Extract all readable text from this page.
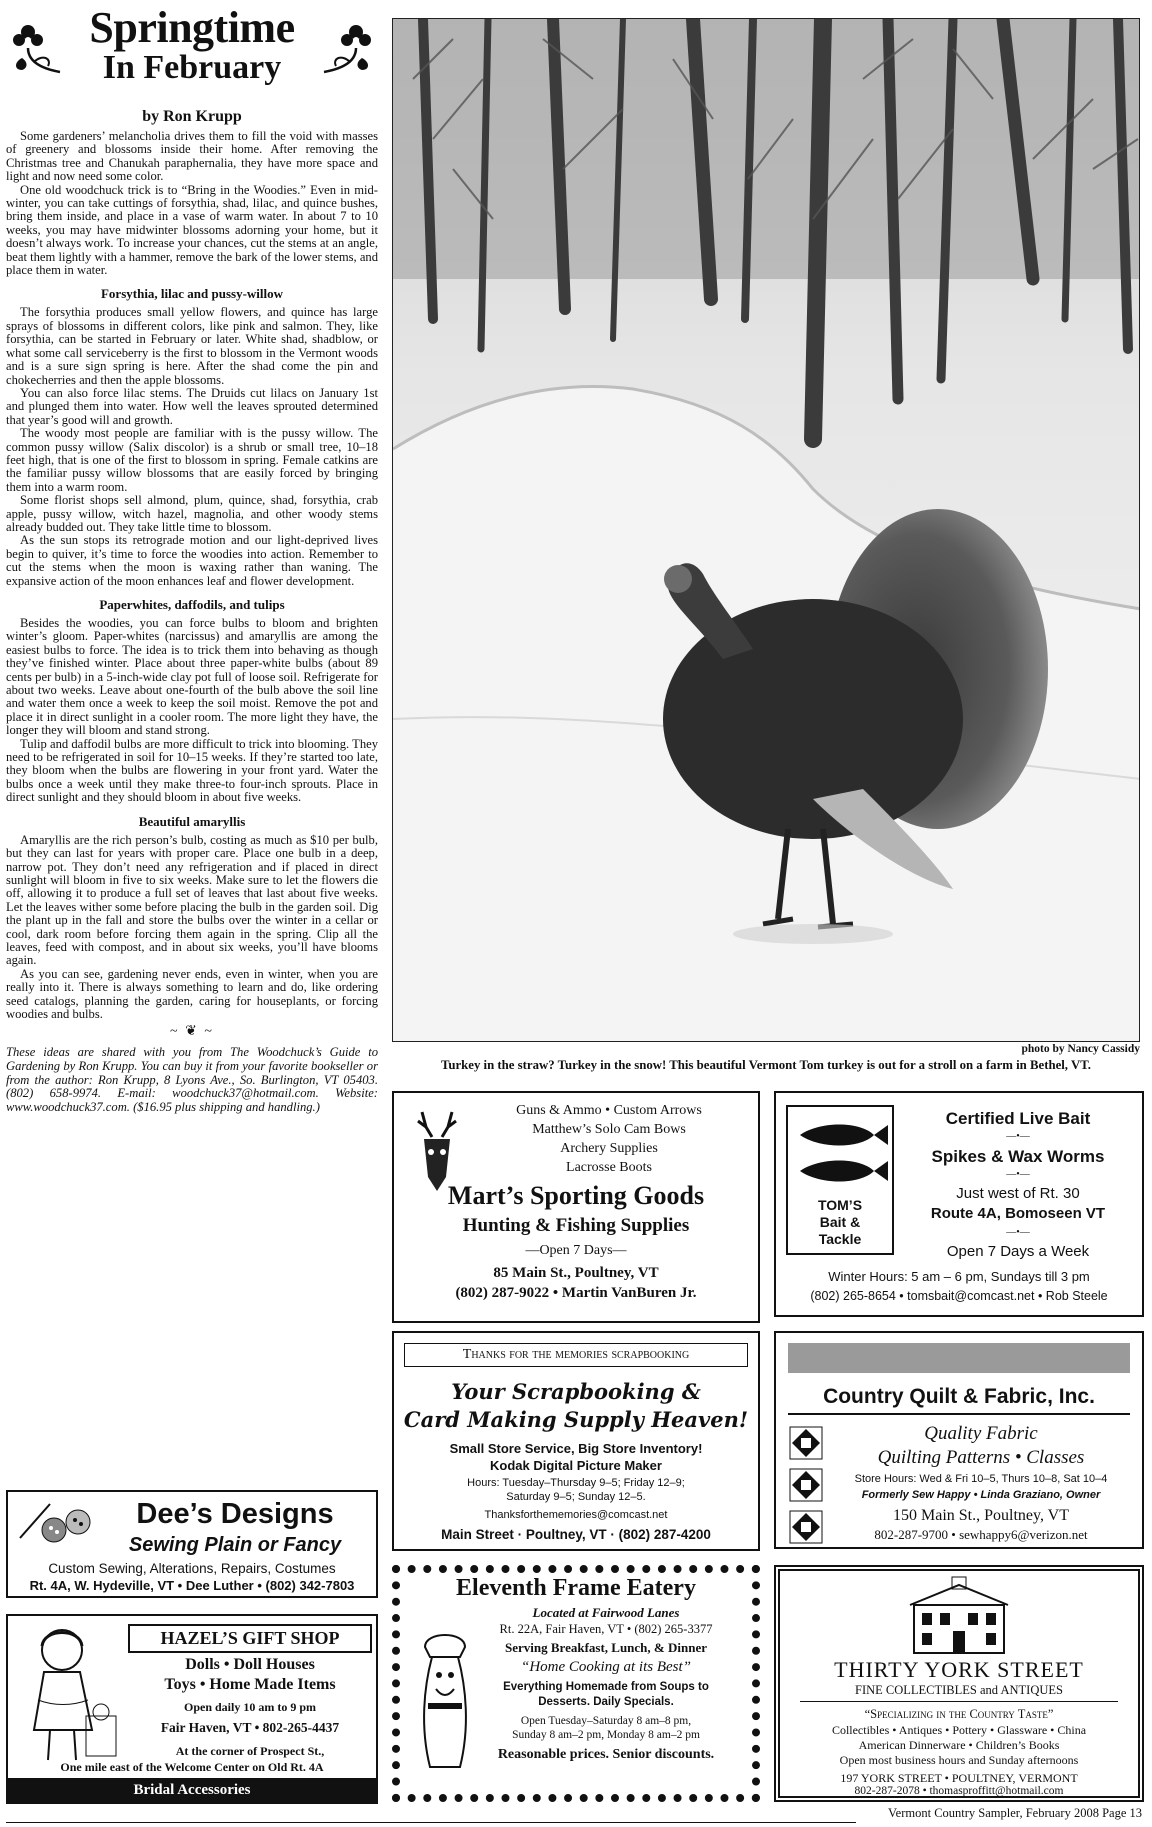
Springtime
In February
by Ron Krupp

Some gardeners’ melancholia drives them to fill the void with masses of greenery and blossoms inside their home. After removing the Christmas tree and Chanukah paraphernalia, they have more space and light and now need some color.

One old woodchuck trick is to “Bring in the Woodies.” Even in mid-winter, you can take cuttings of forsythia, shad, lilac, and quince bushes, bring them inside, and place in a vase of warm water. In about 7 to 10 weeks, you may have midwinter blossoms adorning your home, but it doesn’t always work. To increase your chances, cut the stems at an angle, beat them lightly with a hammer, remove the bark of the lower stems, and place them in water.

Forsythia, lilac and pussy-willow

The forsythia produces small yellow flowers, and quince has large sprays of blossoms in different colors, like pink and salmon. They, like forsythia, can be started in February or later. White shad, shadblow, or what some call serviceberry is the first to blossom in the Vermont woods and is a sure sign spring is here. After the shad come the pin and chokecherries and then the apple blossoms.

You can also force lilac stems. The Druids cut lilacs on January 1st and plunged them into water. How well the leaves sprouted determined that year’s good will and growth.

The woody most people are familiar with is the pussy willow. The common pussy willow (Salix discolor) is a shrub or small tree, 10–18 feet high, that is one of the first to blossom in spring. Female catkins are the familiar pussy willow blossoms that are easily forced by bringing them into a warm room.

Some florist shops sell almond, plum, quince, shad, forsythia, crab apple, pussy willow, witch hazel, magnolia, and other woody stems already budded out. They take little time to blossom.

As the sun stops its retrograde motion and our light-deprived lives begin to quiver, it’s time to force the woodies into action. Remember to cut the stems when the moon is waxing rather than waning. The expansive action of the moon enhances leaf and flower development.

Paperwhites, daffodils, and tulips

Besides the woodies, you can force bulbs to bloom and brighten winter’s gloom. Paper-whites (narcissus) and amaryllis are among the easiest bulbs to force. The idea is to trick them into behaving as though they’ve finished winter. Place about three paper-white bulbs (about 89 cents per bulb) in a 5-inch-wide clay pot full of loose soil. Refrigerate for about two weeks. Leave about one-fourth of the bulb above the soil line and water them once a week to keep the soil moist. Remove the pot and place it in direct sunlight in a cooler room. The more light they have, the longer they will bloom and stand strong.

Tulip and daffodil bulbs are more difficult to trick into blooming. They need to be refrigerated in soil for 10–15 weeks. If they’re started too late, they bloom when the bulbs are flowering in your front yard. Water the bulbs once a week until they make three-to four-inch sprouts. Place in direct sunlight and they should bloom in about five weeks.

Beautiful amaryllis

Amaryllis are the rich person’s bulb, costing as much as $10 per bulb, but they can last for years with proper care. Place one bulb in a deep, narrow pot. They don’t need any refrigeration and if placed in direct sunlight will bloom in five to six weeks. Make sure to let the flowers die off, allowing it to produce a full set of leaves that last about five weeks. Let the leaves wither some before placing the bulb in the garden soil. Dig the plant up in the fall and store the bulbs over the winter in a cellar or cool, dark room before forcing them again in the spring. Clip all the leaves, feed with compost, and in about six weeks, you’ll have blooms again.

As you can see, gardening never ends, even in winter, when you are really into it. There is always something to learn and do, like ordering seed catalogs, planning the garden, caring for houseplants, or forcing woodies and bulbs.

~ ❦ ~
These ideas are shared with you from The Woodchuck’s Guide to Gardening by Ron Krupp. You can buy it from your favorite bookseller or from the author: Ron Krupp, 8 Lyons Ave., So. Burlington, VT 05403. (802) 658-9974. E-mail: woodchuck37@hotmail.com. Website: www.woodchuck37.com. ($16.95 plus shipping and handling.)
photo by Nancy Cassidy
Turkey in the straw? Turkey in the snow! This beautiful Vermont Tom turkey is out for a stroll on a farm in Bethel, VT.
Dee’s Designs
Sewing Plain or Fancy
Custom Sewing, Alterations, Repairs, Costumes
Rt. 4A, W. Hydeville, VT • Dee Luther • (802) 342-7803
HAZEL’S GIFT SHOP
Dolls • Doll Houses
Toys • Home Made Items
Open daily 10 am to 9 pm
Fair Haven, VT • 802-265-4437
At the corner of Prospect St.,
One mile east of the Welcome Center on Old Rt. 4A
Bridal Accessories
Guns & Ammo • Custom Arrows
Matthew’s Solo Cam Bows
Archery Supplies
Lacrosse Boots
Mart’s Sporting Goods
Hunting & Fishing Supplies
—Open 7 Days—
85 Main St., Poultney, VT
(802) 287-9022 • Martin VanBuren Jr.
TOM’S
Bait &
Tackle
Certified Live Bait
—•—
Spikes & Wax Worms
—•—
Just west of Rt. 30
Route 4A, Bomoseen VT
—•—
Open 7 Days a Week
Winter Hours: 5 am – 6 pm, Sundays till 3 pm
(802) 265-8654 • tomsbait@comcast.net • Rob Steele
Thanks for the memories scrapbooking
Your Scrapbooking &
Card Making Supply Heaven!
Small Store Service, Big Store Inventory!
Kodak Digital Picture Maker
Hours: Tuesday–Thursday 9–5; Friday 12–9;
Saturday 9–5; Sunday 12–5.
Thanksforthememories@comcast.net
Main Street · Poultney, VT · (802) 287-4200
Country Quilt & Fabric, Inc.
Quality Fabric
Quilting Patterns • Classes
Store Hours: Wed & Fri 10–5, Thurs 10–8, Sat 10–4
Formerly Sew Happy • Linda Graziano, Owner
150 Main St., Poultney, VT
802-287-9700 • sewhappy6@verizon.net
Eleventh Frame Eatery
Located at Fairwood Lanes
Rt. 22A, Fair Haven, VT • (802) 265-3377
Serving Breakfast, Lunch, & Dinner
“Home Cooking at its Best”
Everything Homemade from Soups to
Desserts. Daily Specials.
Open Tuesday–Saturday 8 am–8 pm,
Sunday 8 am–2 pm, Monday 8 am–2 pm
Reasonable prices. Senior discounts.
THIRTY YORK STREET
FINE COLLECTIBLES and ANTIQUES
“Specializing in the Country Taste”
Collectibles • Antiques • Pottery • Glassware • China
American Dinnerware • Children’s Books
Open most business hours and Sunday afternoons
197 YORK STREET • POULTNEY, VERMONT
802-287-2078 • thomasproffitt@hotmail.com
Vermont Country Sampler, February 2008 Page 13
